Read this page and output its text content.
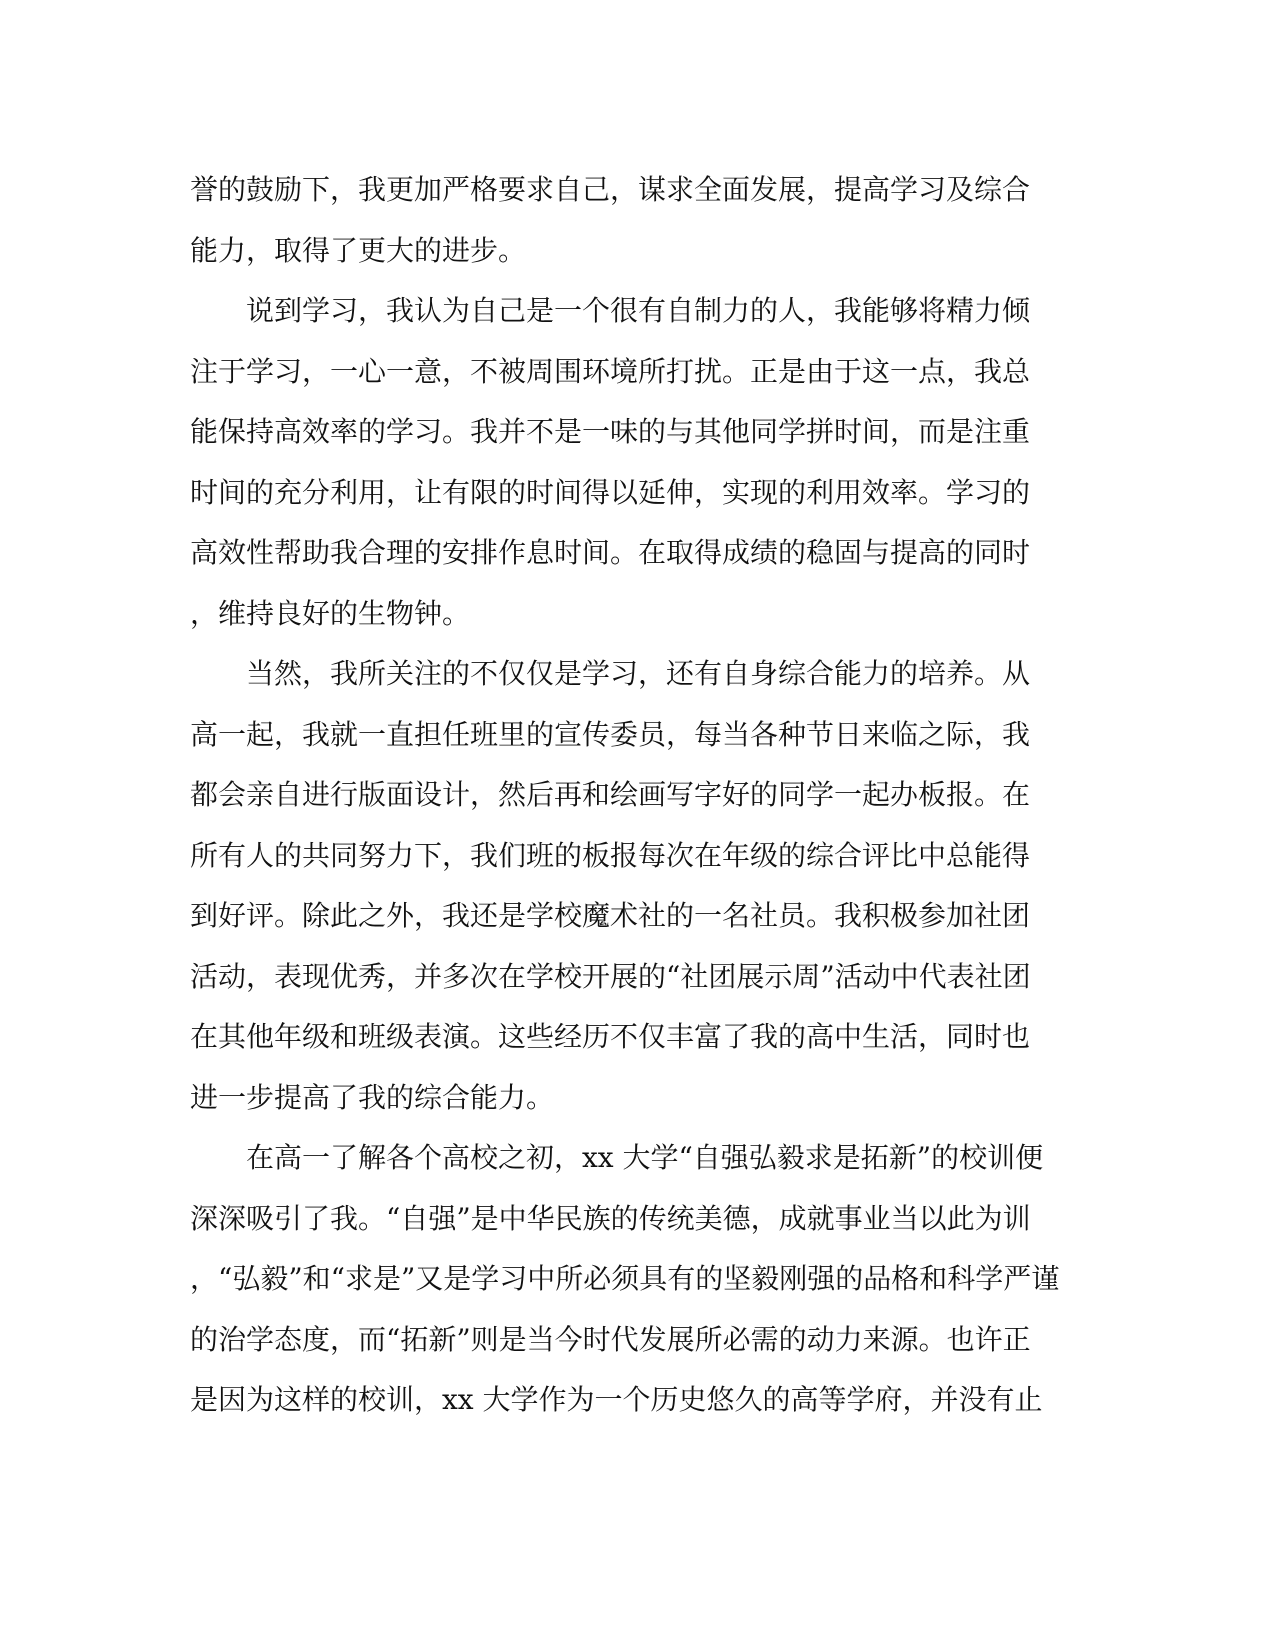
誉的鼓励下，我更加严格要求自己，谋求全面发展，提高学习及综合
能力，取得了更大的进步。
　　说到学习，我认为自己是一个很有自制力的人，我能够将精力倾
注于学习，一心一意，不被周围环境所打扰。正是由于这一点，我总
能保持高效率的学习。我并不是一味的与其他同学拼时间，而是注重
时间的充分利用，让有限的时间得以延伸，实现的利用效率。学习的
高效性帮助我合理的安排作息时间。在取得成绩的稳固与提高的同时
，维持良好的生物钟。
　　当然，我所关注的不仅仅是学习，还有自身综合能力的培养。从
高一起，我就一直担任班里的宣传委员，每当各种节日来临之际，我
都会亲自进行版面设计，然后再和绘画写字好的同学一起办板报。在
所有人的共同努力下，我们班的板报每次在年级的综合评比中总能得
到好评。除此之外，我还是学校魔术社的一名社员。我积极参加社团
活动，表现优秀，并多次在学校开展的“社团展示周”活动中代表社团
在其他年级和班级表演。这些经历不仅丰富了我的高中生活，同时也
进一步提高了我的综合能力。
　　在高一了解各个高校之初，xx 大学“自强弘毅求是拓新”的校训便
深深吸引了我。“自强”是中华民族的传统美德，成就事业当以此为训
，“弘毅”和“求是”又是学习中所必须具有的坚毅刚强的品格和科学严谨
的治学态度，而“拓新”则是当今时代发展所必需的动力来源。也许正
是因为这样的校训，xx 大学作为一个历史悠久的高等学府，并没有止
